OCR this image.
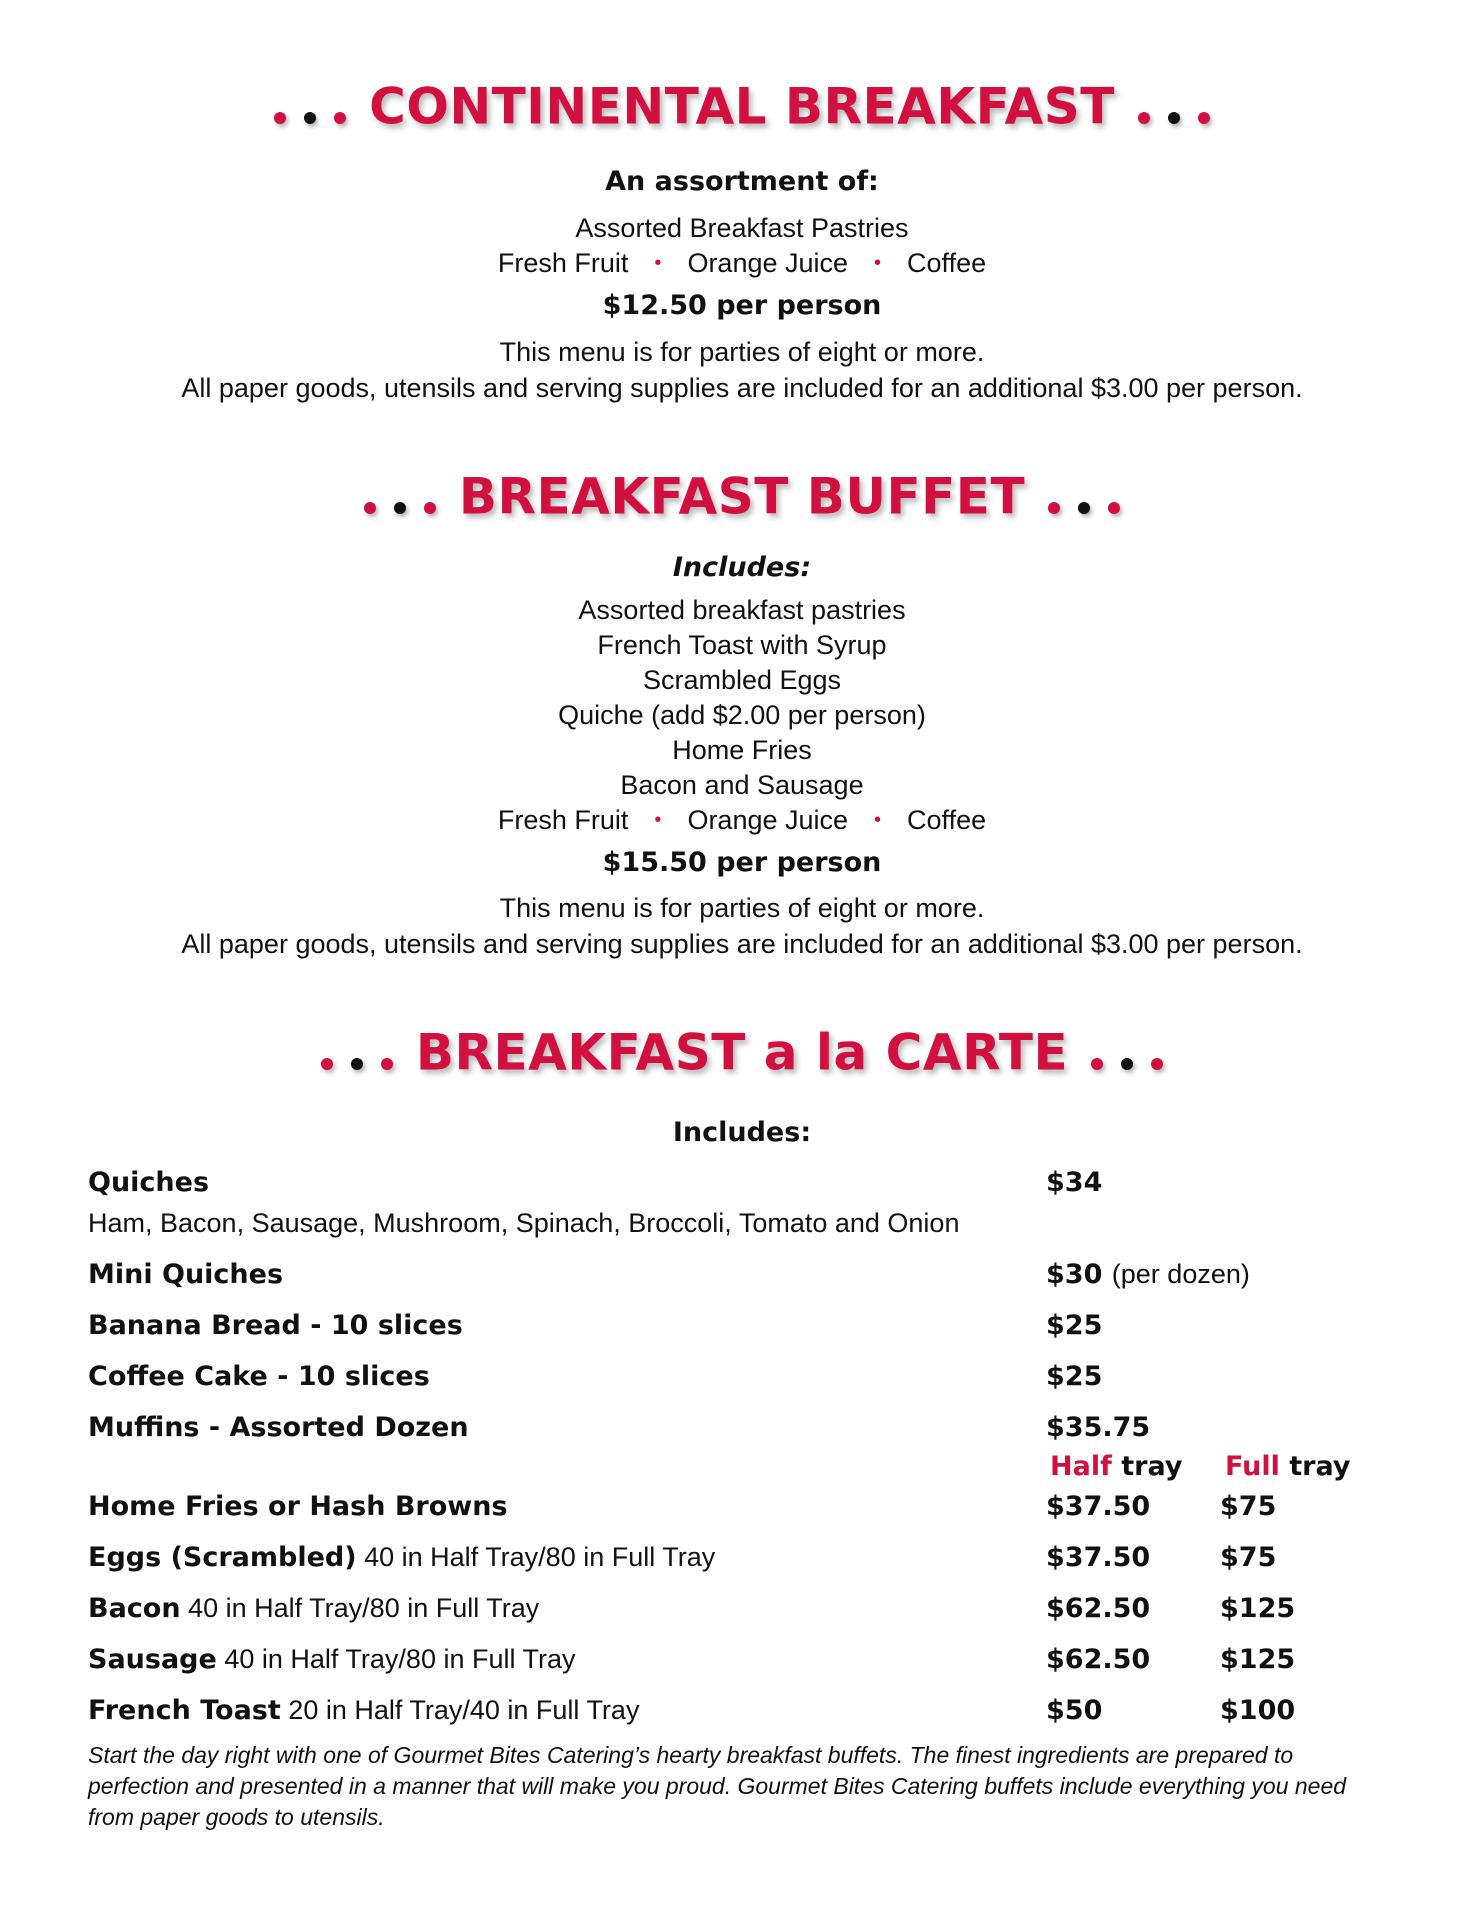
CONTINENTAL BREAKFAST
An assortment of:
Assorted Breakfast Pastries
Fresh Fruit • Orange Juice • Coffee
$12.50 per person
This menu is for parties of eight or more.
All paper goods, utensils and serving supplies are included for an additional $3.00 per person.
BREAKFAST BUFFET
Includes:
Assorted breakfast pastries
French Toast with Syrup
Scrambled Eggs
Quiche (add $2.00 per person)
Home Fries
Bacon and Sausage
Fresh Fruit • Orange Juice • Coffee
$15.50 per person
This menu is for parties of eight or more.
All paper goods, utensils and serving supplies are included for an additional $3.00 per person.
BREAKFAST a la CARTE
Includes:
Quiches	$34
Ham, Bacon, Sausage, Mushroom, Spinach, Broccoli, Tomato and Onion
Mini Quiches	$30 (per dozen)
Banana Bread - 10 slices	$25
Coffee Cake - 10 slices	$25
Muffins - Assorted Dozen	$35.75
Half tray Full tray
Home Fries or Hash Browns	$37.50	$75
Eggs (Scrambled) 40 in Half Tray/80 in Full Tray	$37.50	$75
Bacon 40 in Half Tray/80 in Full Tray	$62.50	$125
Sausage 40 in Half Tray/80 in Full Tray	$62.50	$125
French Toast 20 in Half Tray/40 in Full Tray	$50	$100
Start the day right with one of Gourmet Bites Catering’s hearty breakfast buffets. The finest ingredients are prepared to perfection and presented in a manner that will make you proud. Gourmet Bites Catering buffets include everything you need from paper goods to utensils.
